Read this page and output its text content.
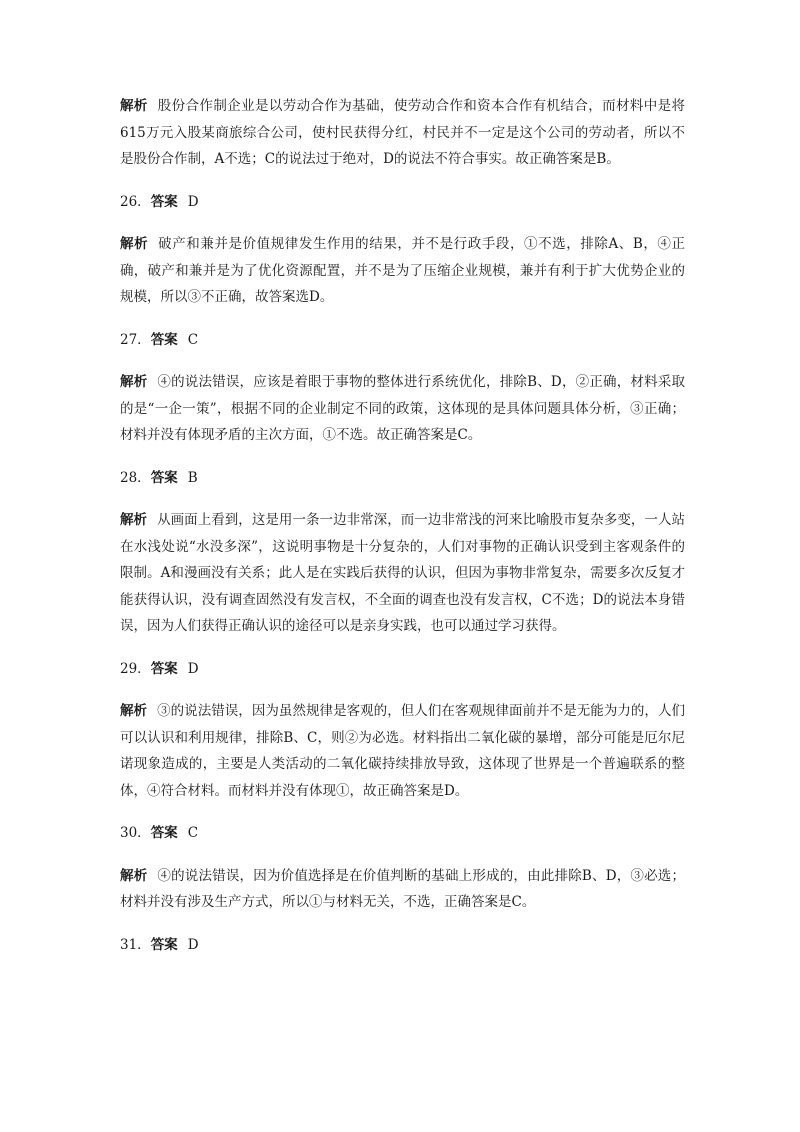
解析 股份合作制企业是以劳动合作为基础，使劳动合作和资本合作有机结合，而材料中是将615万元入股某商旅综合公司，使村民获得分红，村民并不一定是这个公司的劳动者，所以不是股份合作制，A不选；C的说法过于绝对，D的说法不符合事实。故正确答案是B。

26．答案 D

解析 破产和兼并是价值规律发生作用的结果，并不是行政手段，①不选，排除A、B，④正确，破产和兼并是为了优化资源配置，并不是为了压缩企业规模，兼并有利于扩大优势企业的规模，所以③不正确，故答案选D。

27．答案 C

解析 ④的说法错误，应该是着眼于事物的整体进行系统优化，排除B、D，②正确，材料采取的是“一企一策”，根据不同的企业制定不同的政策，这体现的是具体问题具体分析，③正确；材料并没有体现矛盾的主次方面，①不选。故正确答案是C。

28．答案 B

解析 从画面上看到，这是用一条一边非常深，而一边非常浅的河来比喻股市复杂多变，一人站在水浅处说“水没多深”，这说明事物是十分复杂的，人们对事物的正确认识受到主客观条件的限制。A和漫画没有关系；此人是在实践后获得的认识，但因为事物非常复杂，需要多次反复才能获得认识，没有调查固然没有发言权，不全面的调查也没有发言权，C不选；D的说法本身错误，因为人们获得正确认识的途径可以是亲身实践，也可以通过学习获得。

29．答案 D

解析 ③的说法错误，因为虽然规律是客观的，但人们在客观规律面前并不是无能为力的，人们可以认识和利用规律，排除B、C，则②为必选。材料指出二氧化碳的暴增，部分可能是厄尔尼诺现象造成的，主要是人类活动的二氧化碳持续排放导致，这体现了世界是一个普遍联系的整体，④符合材料。而材料并没有体现①，故正确答案是D。

30．答案 C

解析 ④的说法错误，因为价值选择是在价值判断的基础上形成的，由此排除B、D，③必选；材料并没有涉及生产方式，所以①与材料无关，不选，正确答案是C。

31．答案 D
